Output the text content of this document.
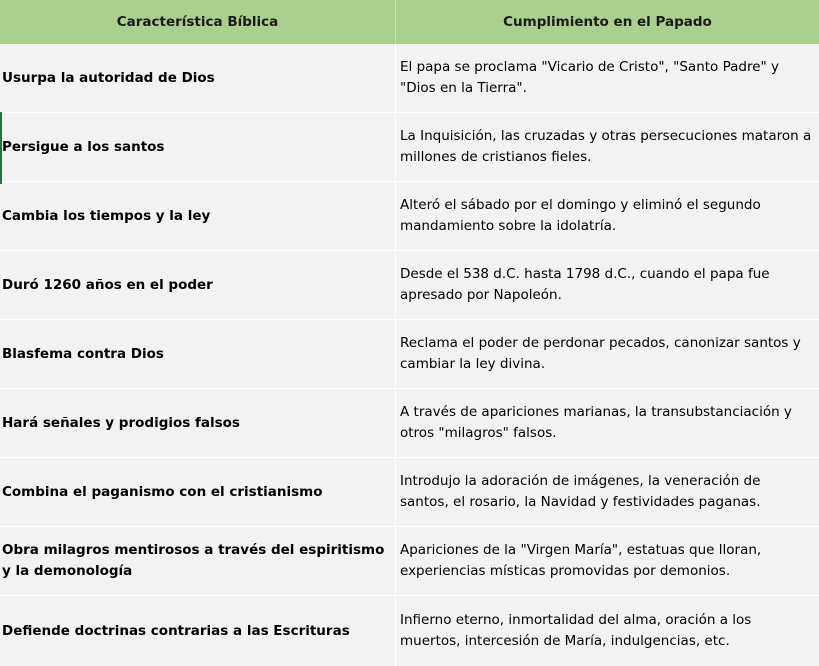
Característica Bíblica	Cumplimiento en el Papado
Usurpa la autoridad de Dios
El papa se proclama "Vicario de Cristo", "Santo Padre" y "Dios en la Tierra".
Persigue a los santos
La Inquisición, las cruzadas y otras persecuciones mataron a millones de cristianos fieles.
Cambia los tiempos y la ley
Alteró el sábado por el domingo y eliminó el segundo mandamiento sobre la idolatría.
Duró 1260 años en el poder
Desde el 538 d.C. hasta 1798 d.C., cuando el papa fue apresado por Napoleón.
Blasfema contra Dios
Reclama el poder de perdonar pecados, canonizar santos y cambiar la ley divina.
Hará señales y prodigios falsos
A través de apariciones marianas, la transubstanciación y otros "milagros" falsos.
Combina el paganismo con el cristianismo
Introdujo la adoración de imágenes, la veneración de santos, el rosario, la Navidad y festividades paganas.
Obra milagros mentirosos a través del espiritismo y la demonología
Apariciones de la "Virgen María", estatuas que lloran, experiencias místicas promovidas por demonios.
Defiende doctrinas contrarias a las Escrituras
Infierno eterno, inmortalidad del alma, oración a los muertos, intercesión de María, indulgencias, etc.
